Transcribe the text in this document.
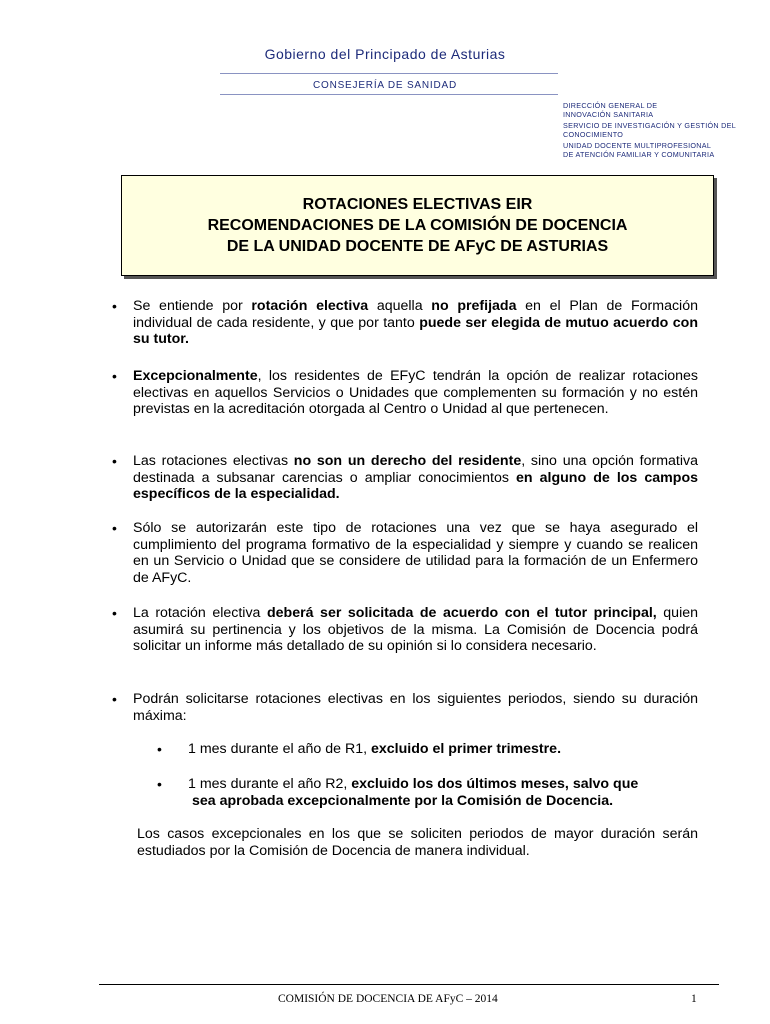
Gobierno del Principado de Asturias
CONSEJERÍA DE SANIDAD
DIRECCIÓN GENERAL DE
INNOVACIÓN SANITARIA
SERVICIO DE INVESTIGACIÓN Y GESTIÓN DEL
CONOCIMIENTO
UNIDAD DOCENTE MULTIPROFESIONAL
DE ATENCIÓN FAMILIAR Y COMUNITARIA
ROTACIONES ELECTIVAS EIR
RECOMENDACIONES DE LA COMISIÓN DE DOCENCIA
DE LA UNIDAD DOCENTE DE AFyC DE ASTURIAS
• Se entiende por rotación electiva aquella no prefijada en el Plan de Formación individual de cada residente, y que por tanto puede ser elegida de mutuo acuerdo con su tutor.
• Excepcionalmente, los residentes de EFyC tendrán la opción de realizar rotaciones electivas en aquellos Servicios o Unidades que complementen su formación y no estén previstas en la acreditación otorgada al Centro o Unidad al que pertenecen.
• Las rotaciones electivas no son un derecho del residente, sino una opción formativa destinada a subsanar carencias o ampliar conocimientos en alguno de los campos específicos de la especialidad.
• Sólo se autorizarán este tipo de rotaciones una vez que se haya asegurado el cumplimiento del programa formativo de la especialidad y siempre y cuando se realicen en un Servicio o Unidad que se considere de utilidad para la formación de un Enfermero de AFyC.
• La rotación electiva deberá ser solicitada de acuerdo con el tutor principal, quien asumirá su pertinencia y los objetivos de la misma. La Comisión de Docencia podrá solicitar un informe más detallado de su opinión si lo considera necesario.
• Podrán solicitarse rotaciones electivas en los siguientes periodos, siendo su duración máxima:
• 1 mes durante el año de R1, excluido el primer trimestre.
• 1 mes durante el año R2, excluido los dos últimos meses, salvo que
sea aprobada excepcionalmente por la Comisión de Docencia.
Los casos excepcionales en los que se soliciten periodos de mayor duración serán estudiados por la Comisión de Docencia de manera individual.
COMISIÓN DE DOCENCIA DE AFyC – 2014	1
